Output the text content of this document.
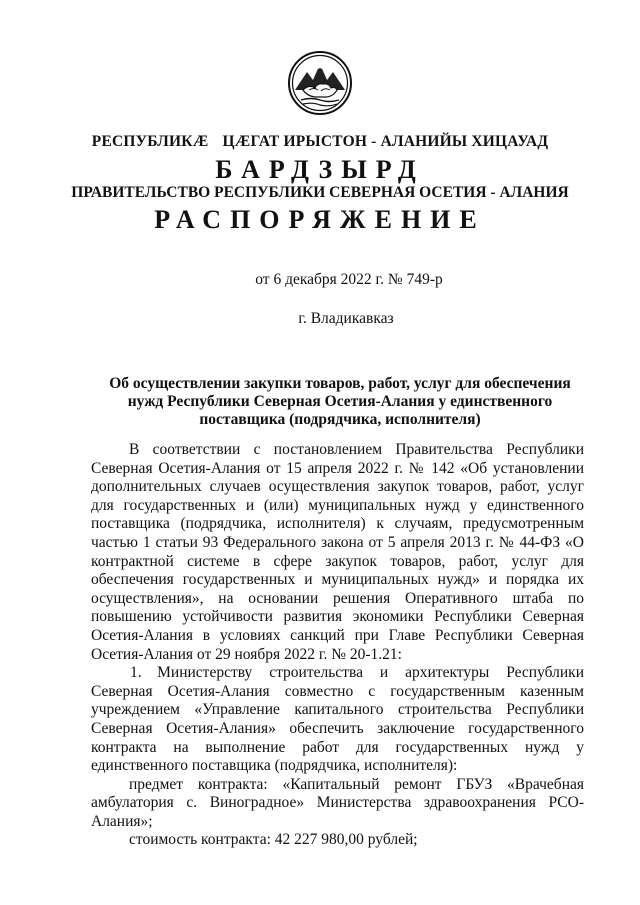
РЕСПУБЛИКӔ ЦӔГАТ ИРЫСТОН - АЛАНИЙЫ ХИЦАУАД
БАРДЗЫРД
ПРАВИТЕЛЬСТВО РЕСПУБЛИКИ СЕВЕРНАЯ ОСЕТИЯ - АЛАНИЯ
РАСПОРЯЖЕНИЕ
от 6 декабря 2022 г. № 749-р
г. Владикавказ
Об осуществлении закупки товаров, работ, услуг для обеспечения нужд Республики Северная Осетия-Алания у единственного поставщика (подрядчика, исполнителя)

В соответствии с постановлением Правительства Республики Северная Осетия-Алания от 15 апреля 2022 г. № 142 «Об установлении дополнительных случаев осуществления закупок товаров, работ, услуг для государственных и (или) муниципальных нужд у единственного поставщика (подрядчика, исполнителя) к случаям, предусмотренным частью 1 статьи 93 Федерального закона от 5 апреля 2013 г. № 44-ФЗ «О контрактной системе в сфере закупок товаров, работ, услуг для обеспечения государственных и муниципальных нужд» и порядка их осуществления», на основании решения Оперативного штаба по повышению устойчивости развития экономики Республики Северная Осетия-Алания в условиях санкций при Главе Республики Северная Осетия-Алания от 29 ноября 2022 г. № 20-1.21:

1. Министерству строительства и архитектуры Республики Северная Осетия-Алания совместно с государственным казенным учреждением «Управление капитального строительства Республики Северная Осетия-Алания» обеспечить заключение государственного контракта на выполнение работ для государственных нужд у единственного поставщика (подрядчика, исполнителя):

предмет контракта: «Капитальный ремонт ГБУЗ «Врачебная амбулатория с. Виноградное» Министерства здравоохранения РСО-Алания»;

стоимость контракта: 42 227 980,00 рублей;
